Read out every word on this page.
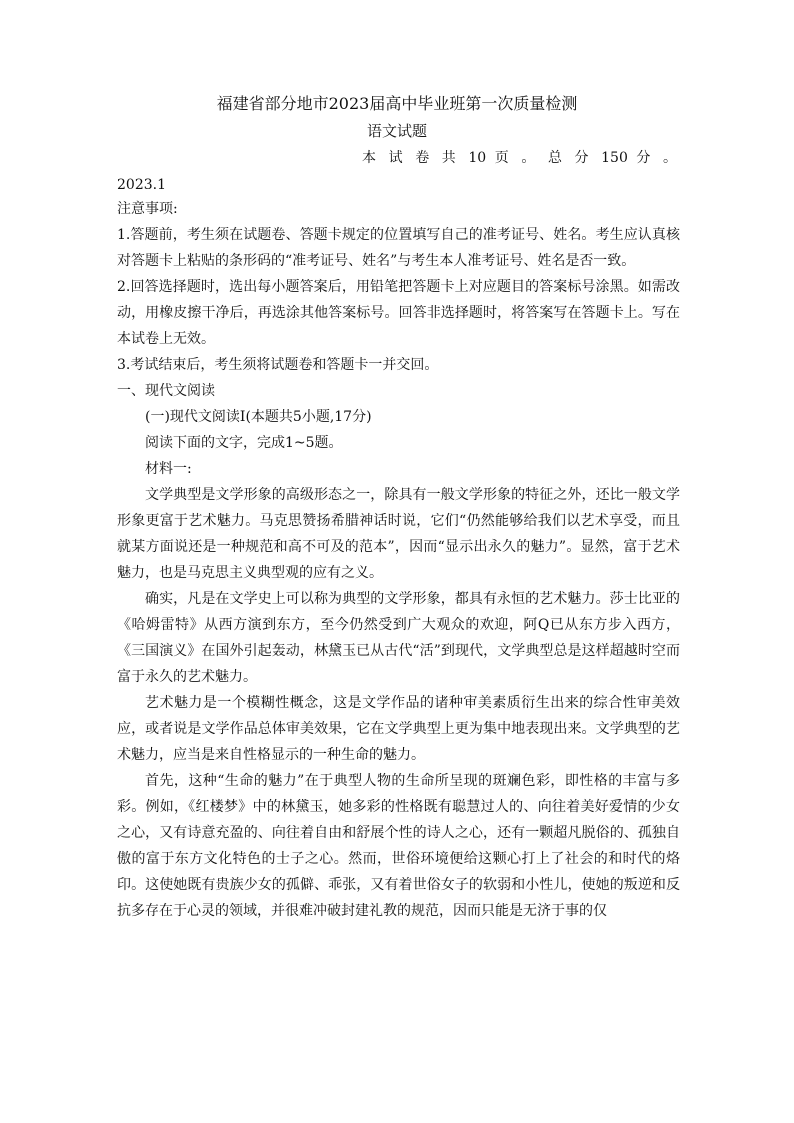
福建省部分地市2023届高中毕业班第一次质量检测
语文试题
本 试 卷 共 10 页 。 总 分 150 分 。
2023.1
注意事项:
1.答题前，考生须在试题卷、答题卡规定的位置填写自己的准考证号、姓名。考生应认真核对答题卡上粘贴的条形码的“准考证号、姓名”与考生本人准考证号、姓名是否一致。
2.回答选择题时，选出每小题答案后，用铅笔把答题卡上对应题目的答案标号涂黑。如需改动，用橡皮擦干净后，再选涂其他答案标号。回答非选择题时，将答案写在答题卡上。写在本试卷上无效。
3.考试结束后，考生须将试题卷和答题卡一并交回。
一、现代文阅读
(一)现代文阅读Ⅰ(本题共5小题,17分)
阅读下面的文字，完成1~5题。
材料一:
文学典型是文学形象的高级形态之一，除具有一般文学形象的特征之外，还比一般文学形象更富于艺术魅力。马克思赞扬希腊神话时说，它们“仍然能够给我们以艺术享受，而且就某方面说还是一种规范和高不可及的范本”，因而“显示出永久的魅力”。显然，富于艺术魅力，也是马克思主义典型观的应有之义。
确实，凡是在文学史上可以称为典型的文学形象，都具有永恒的艺术魅力。莎士比亚的《哈姆雷特》从西方演到东方，至今仍然受到广大观众的欢迎，阿Q已从东方步入西方，《三国演义》在国外引起轰动，林黛玉已从古代“活”到现代，文学典型总是这样超越时空而富于永久的艺术魅力。
艺术魅力是一个模糊性概念，这是文学作品的诸种审美素质衍生出来的综合性审美效应，或者说是文学作品总体审美效果，它在文学典型上更为集中地表现出来。文学典型的艺术魅力，应当是来自性格显示的一种生命的魅力。
首先，这种“生命的魅力”在于典型人物的生命所呈现的斑斓色彩，即性格的丰富与多彩。例如，《红楼梦》中的林黛玉，她多彩的性格既有聪慧过人的、向往着美好爱情的少女之心，又有诗意充盈的、向往着自由和舒展个性的诗人之心，还有一颗超凡脱俗的、孤独自傲的富于东方文化特色的士子之心。然而，世俗环境便给这颗心打上了社会的和时代的烙印。这使她既有贵族少女的孤僻、乖张，又有着世俗女子的软弱和小性儿，使她的叛逆和反抗多存在于心灵的领域，并很难冲破封建礼教的规范，因而只能是无济于事的仅
